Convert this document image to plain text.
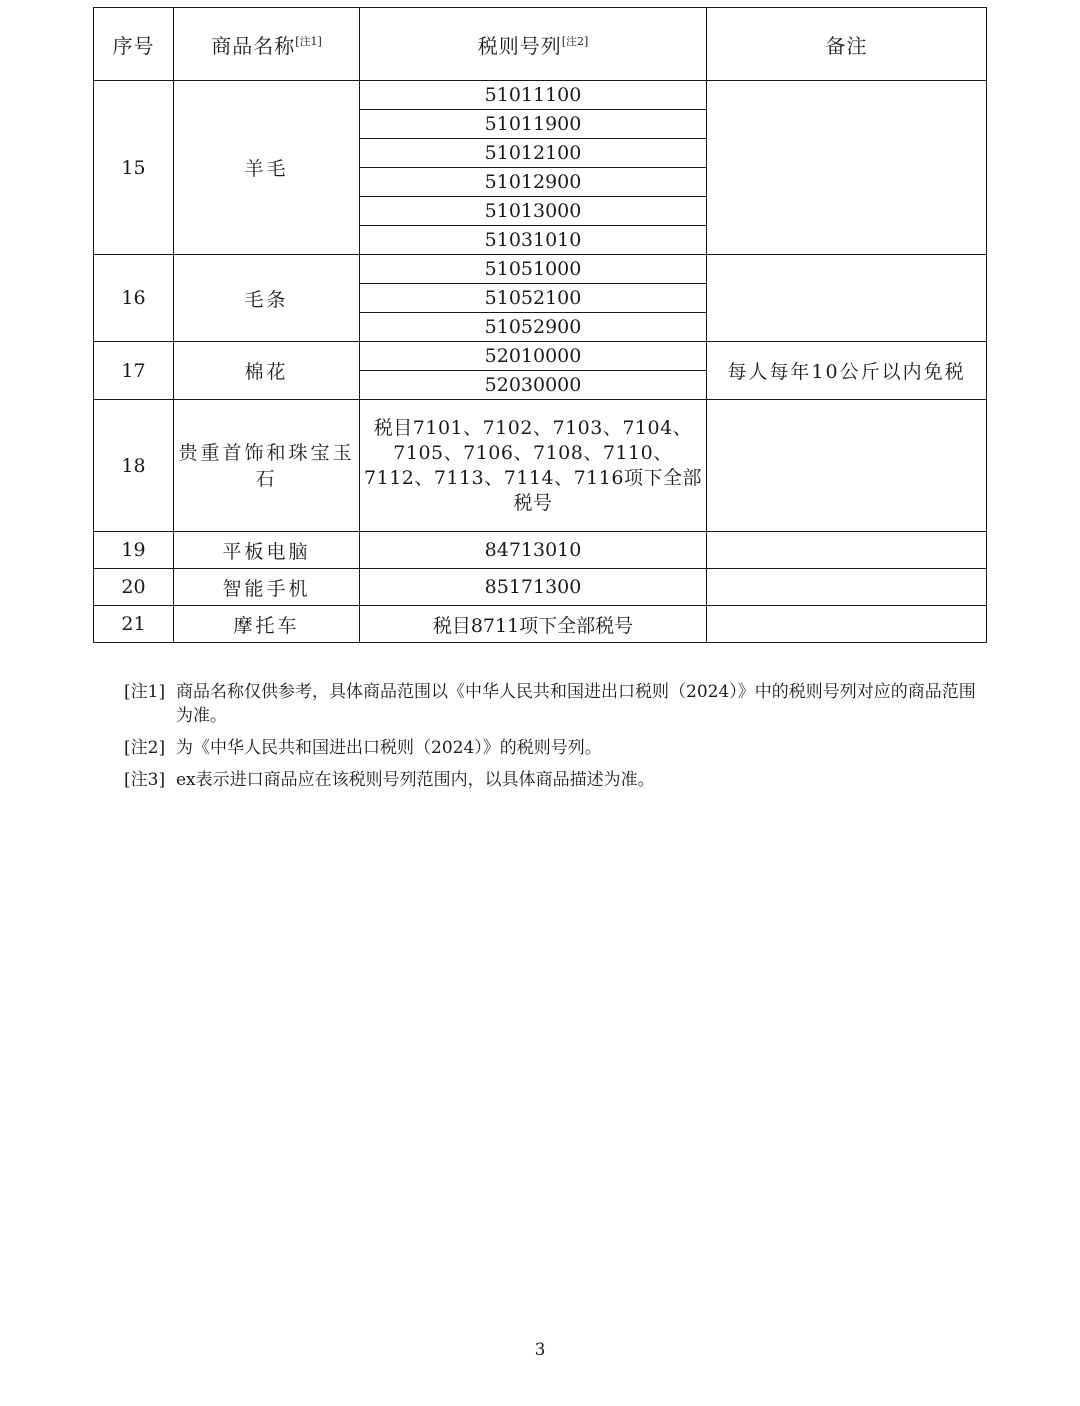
序号	商品名称[注1]	税则号列[注2]	备注
15	羊毛	51011100	
		51011900	
		51012100	
		51012900	
		51013000	
		51031010	
16	毛条	51051000	
		51052100	
		51052900	
17	棉花	52010000	每人每年10公斤以内免税
		52030000	
18	贵重首饰和珠宝玉石	税目7101、7102、7103、7104、7105、7106、7108、7110、7112、7113、7114、7116项下全部税号	
19	平板电脑	84713010	
20	智能手机	85171300	
21	摩托车	税目8711项下全部税号	
[注1] 商品名称仅供参考，具体商品范围以《中华人民共和国进出口税则（2024）》中的税则号列对应的商品范围为准。
[注2] 为《中华人民共和国进出口税则（2024）》的税则号列。
[注3] ex表示进口商品应在该税则号列范围内，以具体商品描述为准。
3
